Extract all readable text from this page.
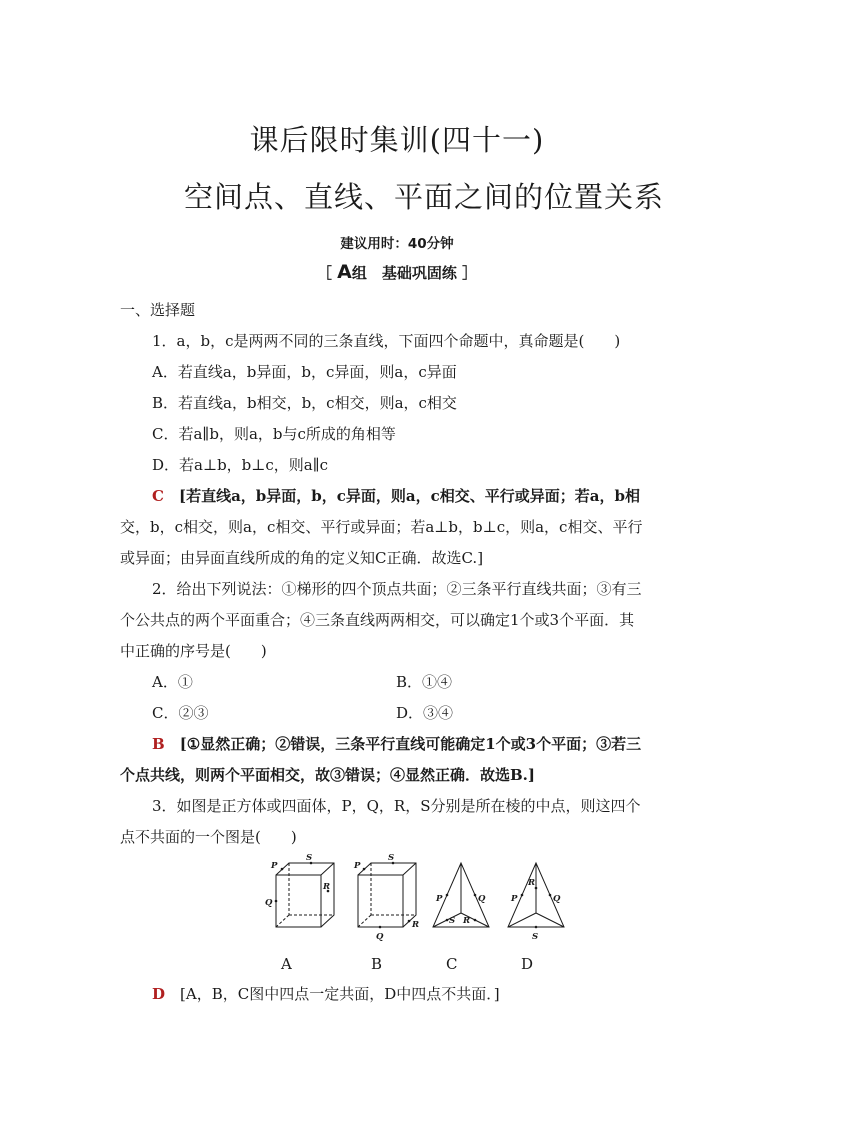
课后限时集训(四十一)
空间点、直线、平面之间的位置关系
建议用时：40分钟
［ A组　基础巩固练 ］
一、选择题
1．a，b，c是两两不同的三条直线，下面四个命题中，真命题是(　　)
A．若直线a，b异面，b，c异面，则a，c异面
B．若直线a，b相交，b，c相交，则a，c相交
C．若a∥b，则a，b与c所成的角相等
D．若a⊥b，b⊥c，则a∥c
C　 [若直线a，b异面，b，c异面，则a，c相交、平行或异面；若a，b相
交，b，c相交，则a，c相交、平行或异面；若a⊥b，b⊥c，则a，c相交、平行
或异面；由异面直线所成的角的定义知C正确．故选C.]
2．给出下列说法：①梯形的四个顶点共面；②三条平行直线共面；③有三
个公共点的两个平面重合；④三条直线两两相交，可以确定1个或3个平面．其
中正确的序号是(　　)
A．①	B．①④
C．②③	D．③④
B　 [①显然正确；②错误，三条平行直线可能确定1个或3个平面；③若三
个点共线，则两个平面相交，故③错误；④显然正确．故选B.]
3．如图是正方体或四面体，P，Q，R，S分别是所在棱的中点，则这四个
点不共面的一个图是(　　)
P
S
Q
R
P
S
Q
R
P	Q
S R
P
R
Q
S
A	B	C	D
D　 [A，B，C图中四点一定共面，D中四点不共面．]
